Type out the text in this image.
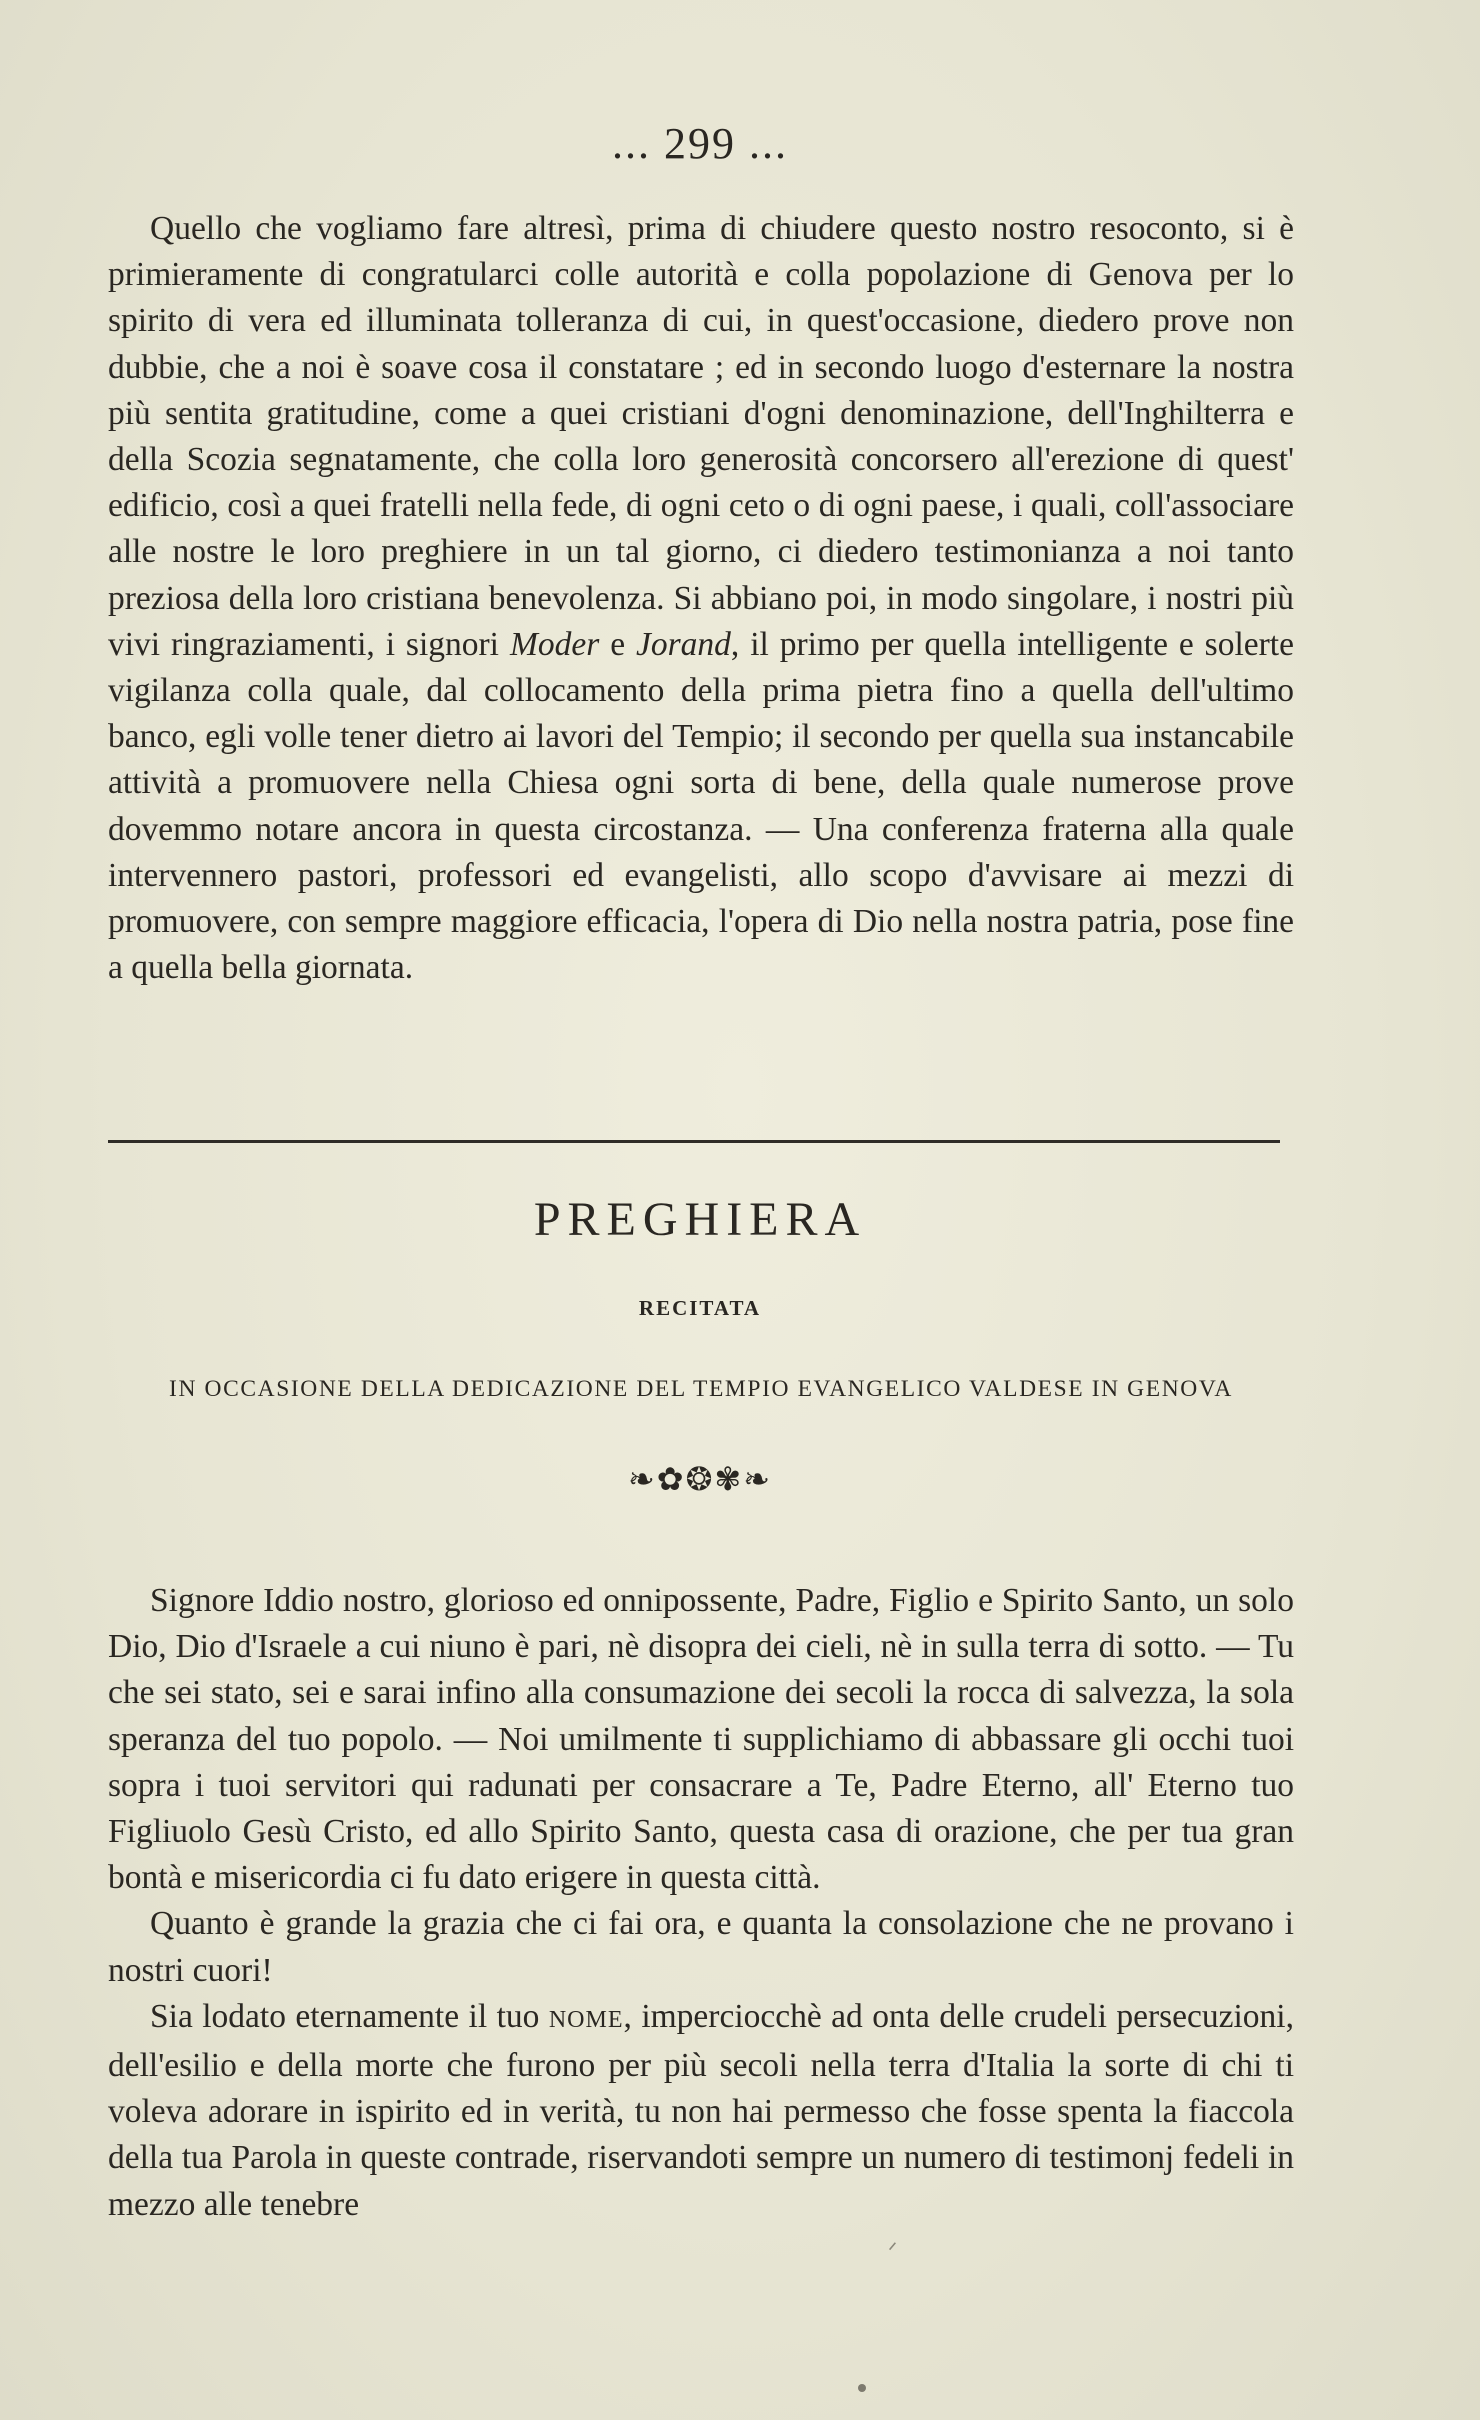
... 299 ...

Quello che vogliamo fare altresì, prima di chiudere questo nostro resoconto, si è primieramente di congratularci colle autorità e colla popolazione di Genova per lo spirito di vera ed illuminata tolleranza di cui, in quest'occasione, diedero prove non dubbie, che a noi è soave cosa il constatare ; ed in secondo luogo d'esternare la nostra più sentita gratitudine, come a quei cristiani d'ogni denominazione, dell'Inghilterra e della Scozia segnatamente, che colla loro generosità concorsero all'erezione di quest' edificio, così a quei fratelli nella fede, di ogni ceto o di ogni paese, i quali, coll'associare alle nostre le loro preghiere in un tal giorno, ci diedero testimonianza a noi tanto preziosa della loro cristiana benevolenza. Si abbiano poi, in modo singolare, i nostri più vivi ringraziamenti, i signori Moder e Jorand, il primo per quella intelligente e solerte vigilanza colla quale, dal collocamento della prima pietra fino a quella dell'ultimo banco, egli volle tener dietro ai lavori del Tempio; il secondo per quella sua instancabile attività a promuovere nella Chiesa ogni sorta di bene, della quale numerose prove dovemmo notare ancora in questa circostanza. — Una conferenza fraterna alla quale intervennero pastori, professori ed evangelisti, allo scopo d'avvisare ai mezzi di promuovere, con sempre maggiore efficacia, l'opera di Dio nella nostra patria, pose fine a quella bella giornata.

PREGHIERA
RECITATA
IN OCCASIONE DELLA DEDICAZIONE DEL TEMPIO EVANGELICO VALDESE IN GENOVA
❧✿❂✾❧

Signore Iddio nostro, glorioso ed onnipossente, Padre, Figlio e Spirito Santo, un solo Dio, Dio d'Israele a cui niuno è pari, nè disopra dei cieli, nè in sulla terra di sotto. — Tu che sei stato, sei e sarai infino alla consumazione dei secoli la rocca di salvezza, la sola speranza del tuo popolo. — Noi umilmente ti supplichiamo di abbassare gli occhi tuoi sopra i tuoi servitori qui radunati per consacrare a Te, Padre Eterno, all' Eterno tuo Figliuolo Gesù Cristo, ed allo Spirito Santo, questa casa di orazione, che per tua gran bontà e misericordia ci fu dato erigere in questa città.

Quanto è grande la grazia che ci fai ora, e quanta la consolazione che ne provano i nostri cuori!

Sia lodato eternamente il tuo NOME, imperciocchè ad onta delle crudeli persecuzioni, dell'esilio e della morte che furono per più secoli nella terra d'Italia la sorte di chi ti voleva adorare in ispirito ed in verità, tu non hai permesso che fosse spenta la fiaccola della tua Parola in queste contrade, riservandoti sempre un numero di testimonj fedeli in mezzo alle tenebre

ᐟ
